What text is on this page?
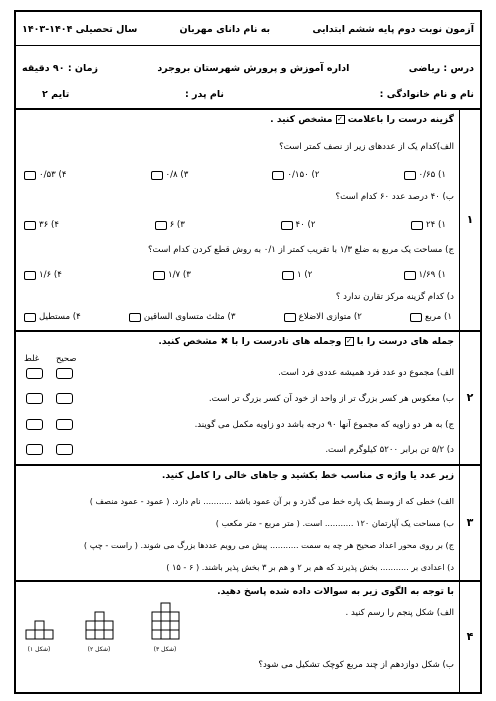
آزمون نوبت دوم پایه ششم ابتدایی
به نام دانای مهربان
سال تحصیلی ۱۴۰۴-۱۴۰۳
درس : ریاضی
اداره آموزش و پرورش شهرستان بروجرد
زمان : ۹۰ دقیقه
نام و نام خانوادگی :
نام پدر :
تایم ۲
۱
گزینه درست را باعلامت ✓ مشخص کنید .
الف)کدام یک از عددهای زیر از نصف کمتر است؟
۱) ۰/۶۵
۲) ۰/۱۵۰
۳) ۰/۸
۴) ۰/۵۳
ب) ۴۰ درصد عدد ۶۰ کدام است؟
۱) ۲۴
۲) ۴۰
۳) ۶
۴) ۳۶
ج) مساحت یک مربع به ضلع ۱/۳ با تقریب کمتر از ۰/۱ به روش قطع کردن کدام است؟
۱) ۱/۶۹
۲) ۱
۳) ۱/۷
۴) ۱/۶
د) کدام گزینه مرکز تقارن ندارد ؟
۱) مربع
۲) متوازی الاضلاع
۳) مثلث متساوی الساقین
۴) مستطیل
۲
جمله های درست را با ✓ وجمله های نادرست را با ✖ مشخص کنید.
صحیح
غلط
الف) مجموع دو عدد فرد همیشه عددی فرد است.
ب) معکوس هر کسر بزرگ تر از واحد از خود آن کسر بزرگ تر است.
ج) به هر دو زاویه که مجموع آنها ۹۰ درجه باشد دو زاویه مکمل می گویند.
د) ۵/۲ تن برابر ۵۲۰۰ کیلوگرم است.
۳
زیر عدد یا واژه ی مناسب خط بکشید و جاهای خالی را کامل کنید.
الف) خطی که از وسط یک پاره خط می گذرد و بر آن عمود باشد ........... نام دارد. ( عمود - عمود منصف )
ب) مساحت یک آپارتمان ۱۲۰ ........... است. ( متر مربع - متر مکعب )
ج) بر روی محور اعداد صحیح هر چه به سمت ........... پیش می رویم عددها بزرگ می شوند. ( راست - چپ )
د) اعدادی بر ........... بخش پذیرند که هم بر ۲ و هم بر ۳ بخش پذیر باشند. ( ۶ - ۱۵ )
۴
با توجه به الگوی زیر به سوالات داده شده پاسخ دهید.
الف) شکل پنجم را رسم کنید .
ب) شکل دوازدهم از چند مربع کوچک تشکیل می شود؟
(شکل ۱)	(شکل ۲)	(شکل ۳)
